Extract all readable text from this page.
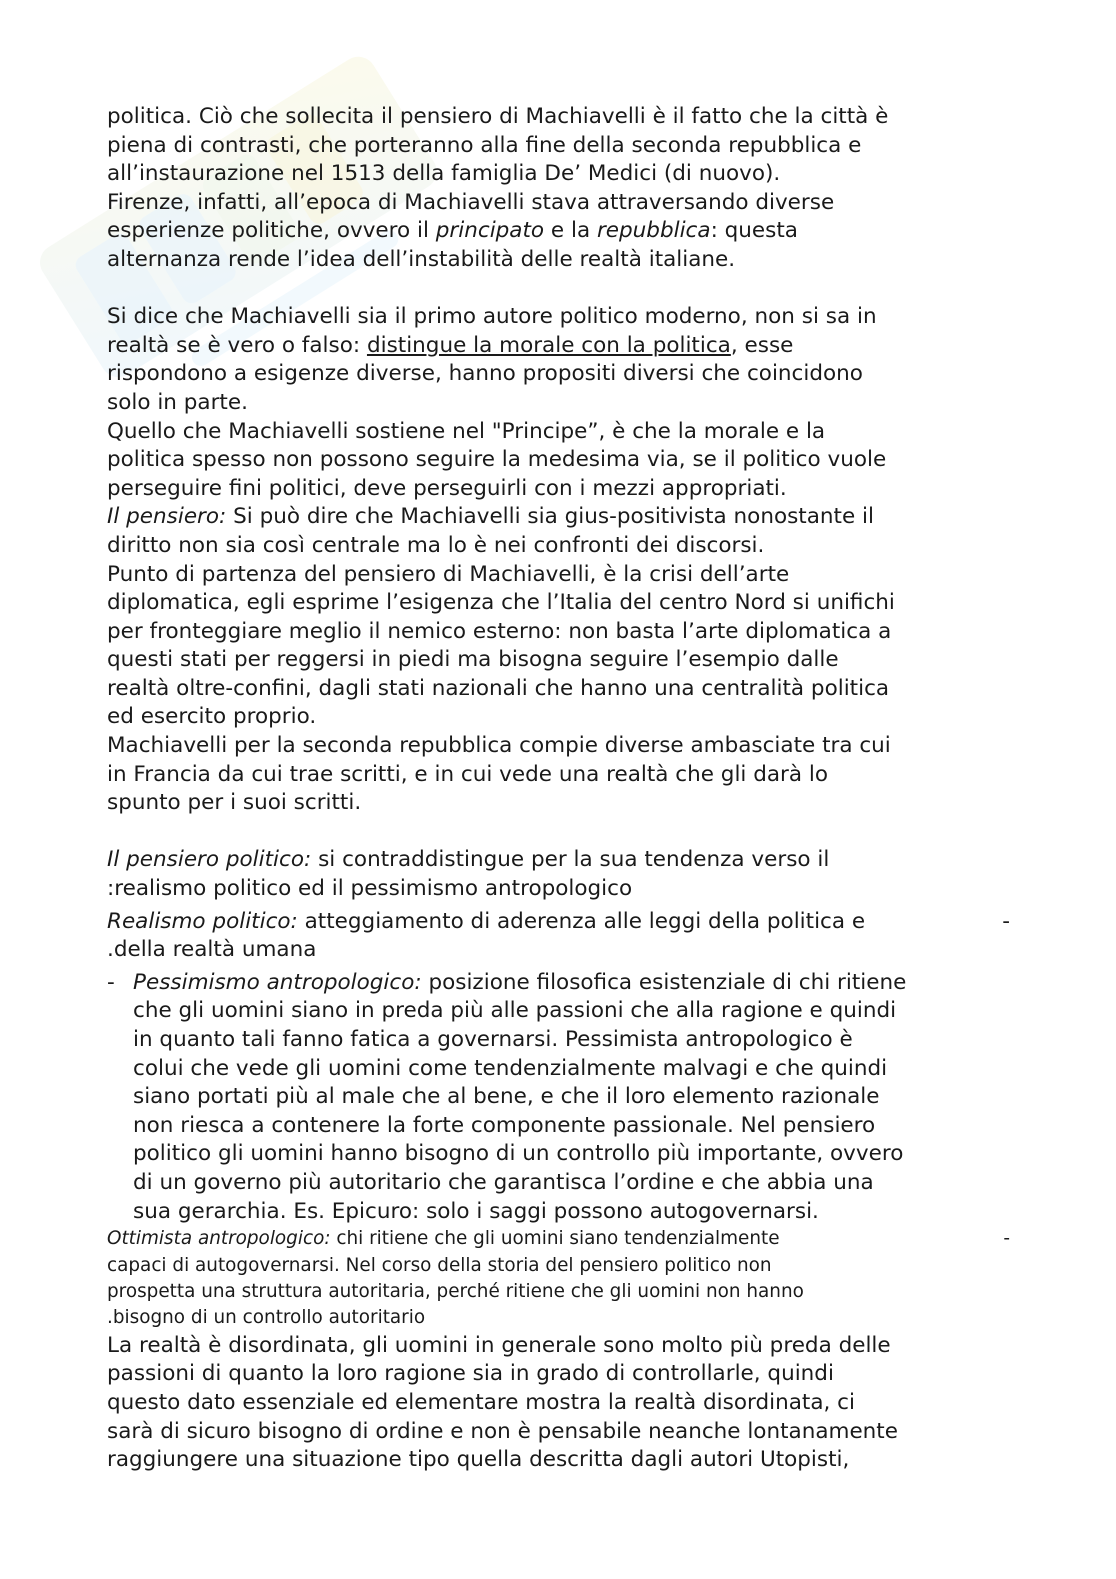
politica. Ciò che sollecita il pensiero di Machiavelli è il fatto che la città è
piena di contrasti, che porteranno alla fine della seconda repubblica e
all’instaurazione nel 1513 della famiglia De’ Medici (di nuovo).

Firenze, infatti, all’epoca di Machiavelli stava attraversando diverse
esperienze politiche, ovvero il principato e la repubblica: questa
alternanza rende l’idea dell’instabilità delle realtà italiane.

Si dice che Machiavelli sia il primo autore politico moderno, non si sa in
realtà se è vero o falso: distingue la morale con la politica, esse
rispondono a esigenze diverse, hanno propositi diversi che coincidono
solo in parte.

Quello che Machiavelli sostiene nel "Principe”, è che la morale e la
politica spesso non possono seguire la medesima via, se il politico vuole
perseguire fini politici, deve perseguirli con i mezzi appropriati.

Il pensiero: Si può dire che Machiavelli sia gius-positivista nonostante il
diritto non sia così centrale ma lo è nei confronti dei discorsi.

Punto di partenza del pensiero di Machiavelli, è la crisi dell’arte
diplomatica, egli esprime l’esigenza che l’Italia del centro Nord si unifichi
per fronteggiare meglio il nemico esterno: non basta l’arte diplomatica a
questi stati per reggersi in piedi ma bisogna seguire l’esempio dalle
realtà oltre-confini, dagli stati nazionali che hanno una centralità politica
ed esercito proprio.

Machiavelli per la seconda repubblica compie diverse ambasciate tra cui
in Francia da cui trae scritti, e in cui vede una realtà che gli darà lo
spunto per i suoi scritti.

Il pensiero politico: si contraddistingue per la sua tendenza verso il
:realismo politico ed il pessimismo antropologico

Realismo politico: atteggiamento di aderenza alle leggi della politica e
.della realtà umana
-

- Pessimismo antropologico: posizione filosofica esistenziale di chi ritiene
che gli uomini siano in preda più alle passioni che alla ragione e quindi
in quanto tali fanno fatica a governarsi. Pessimista antropologico è
colui che vede gli uomini come tendenzialmente malvagi e che quindi
siano portati più al male che al bene, e che il loro elemento razionale
non riesca a contenere la forte componente passionale. Nel pensiero
politico gli uomini hanno bisogno di un controllo più importante, ovvero
di un governo più autoritario che garantisca l’ordine e che abbia una
sua gerarchia. Es. Epicuro: solo i saggi possono autogovernarsi.

Ottimista antropologico: chi ritiene che gli uomini siano tendenzialmente
capaci di autogovernarsi. Nel corso della storia del pensiero politico non
prospetta una struttura autoritaria, perché ritiene che gli uomini non hanno
.bisogno di un controllo autoritario
-

La realtà è disordinata, gli uomini in generale sono molto più preda delle
passioni di quanto la loro ragione sia in grado di controllarle, quindi
questo dato essenziale ed elementare mostra la realtà disordinata, ci
sarà di sicuro bisogno di ordine e non è pensabile neanche lontanamente
raggiungere una situazione tipo quella descritta dagli autori Utopisti,
